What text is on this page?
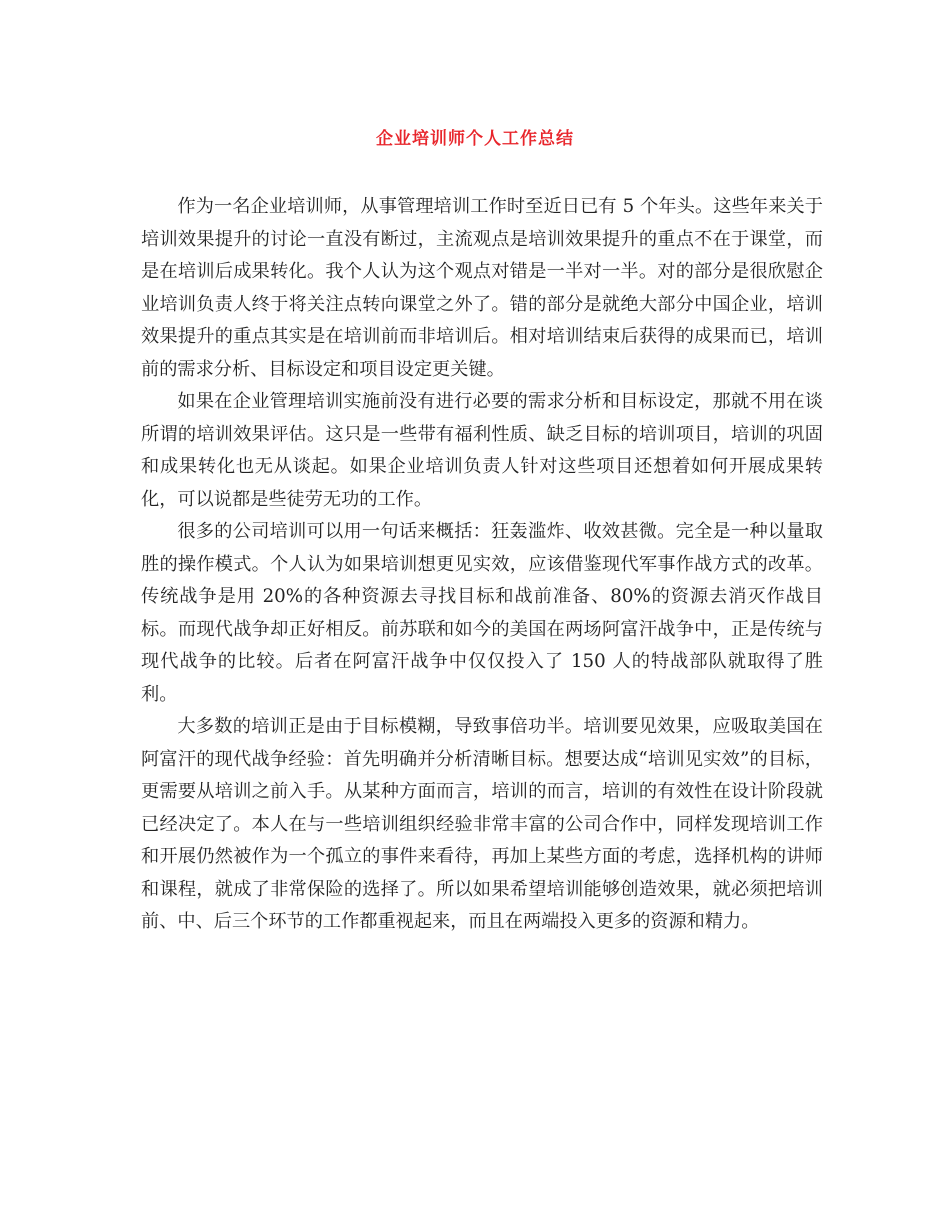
企业培训师个人工作总结

作为一名企业培训师，从事管理培训工作时至近日已有 5 个年头。这些年来关于培训效果提升的讨论一直没有断过，主流观点是培训效果提升的重点不在于课堂，而是在培训后成果转化。我个人认为这个观点对错是一半对一半。对的部分是很欣慰企业培训负责人终于将关注点转向课堂之外了。错的部分是就绝大部分中国企业，培训效果提升的重点其实是在培训前而非培训后。相对培训结束后获得的成果而已，培训前的需求分析、目标设定和项目设定更关键。

如果在企业管理培训实施前没有进行必要的需求分析和目标设定，那就不用在谈所谓的培训效果评估。这只是一些带有福利性质、缺乏目标的培训项目，培训的巩固和成果转化也无从谈起。如果企业培训负责人针对这些项目还想着如何开展成果转化，可以说都是些徒劳无功的工作。

很多的公司培训可以用一句话来概括：狂轰滥炸、收效甚微。完全是一种以量取胜的操作模式。个人认为如果培训想更见实效，应该借鉴现代军事作战方式的改革。传统战争是用 20%的各种资源去寻找目标和战前准备、80%的资源去消灭作战目标。而现代战争却正好相反。前苏联和如今的美国在两场阿富汗战争中，正是传统与现代战争的比较。后者在阿富汗战争中仅仅投入了 150 人的特战部队就取得了胜利。

大多数的培训正是由于目标模糊，导致事倍功半。培训要见效果，应吸取美国在阿富汗的现代战争经验：首先明确并分析清晰目标。想要达成“培训见实效”的目标，更需要从培训之前入手。从某种方面而言，培训的而言，培训的有效性在设计阶段就已经决定了。本人在与一些培训组织经验非常丰富的公司合作中，同样发现培训工作和开展仍然被作为一个孤立的事件来看待，再加上某些方面的考虑，选择机构的讲师和课程，就成了非常保险的选择了。所以如果希望培训能够创造效果，就必须把培训前、中、后三个环节的工作都重视起来，而且在两端投入更多的资源和精力。
